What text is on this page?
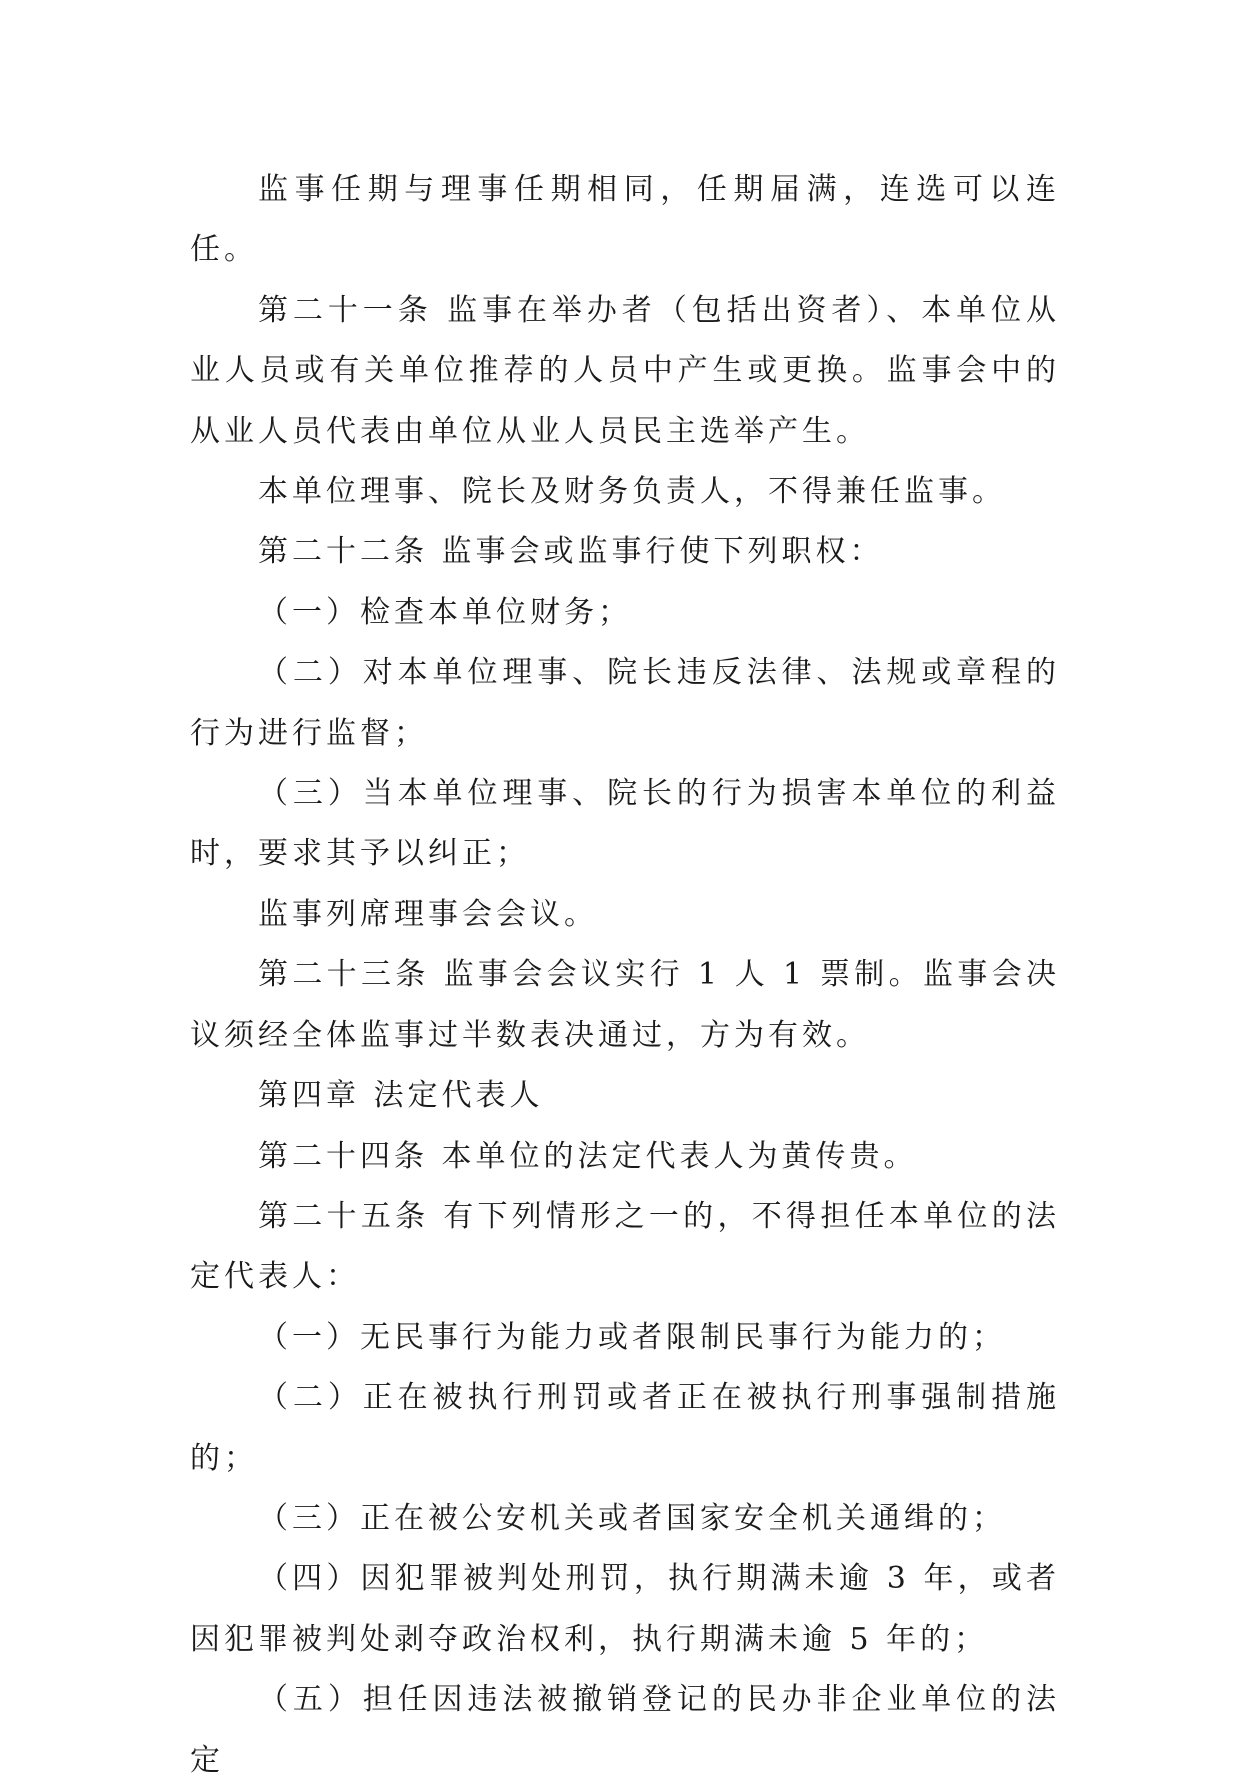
监事任期与理事任期相同，任期届满，连选可以连任。

第二十一条 监事在举办者（包括出资者）、本单位从业人员或有关单位推荐的人员中产生或更换。监事会中的从业人员代表由单位从业人员民主选举产生。

本单位理事、院长及财务负责人，不得兼任监事。

第二十二条 监事会或监事行使下列职权：

（一）检查本单位财务；

（二）对本单位理事、院长违反法律、法规或章程的行为进行监督；

（三）当本单位理事、院长的行为损害本单位的利益时，要求其予以纠正；

监事列席理事会会议。

第二十三条 监事会会议实行 1 人 1 票制。监事会决议须经全体监事过半数表决通过，方为有效。

第四章 法定代表人

第二十四条 本单位的法定代表人为黄传贵。

第二十五条 有下列情形之一的，不得担任本单位的法定代表人：

（一）无民事行为能力或者限制民事行为能力的；

（二）正在被执行刑罚或者正在被执行刑事强制措施的；

（三）正在被公安机关或者国家安全机关通缉的；

（四）因犯罪被判处刑罚，执行期满未逾 3 年，或者因犯罪被判处剥夺政治权利，执行期满未逾 5 年的；

（五）担任因违法被撤销登记的民办非企业单位的法定
